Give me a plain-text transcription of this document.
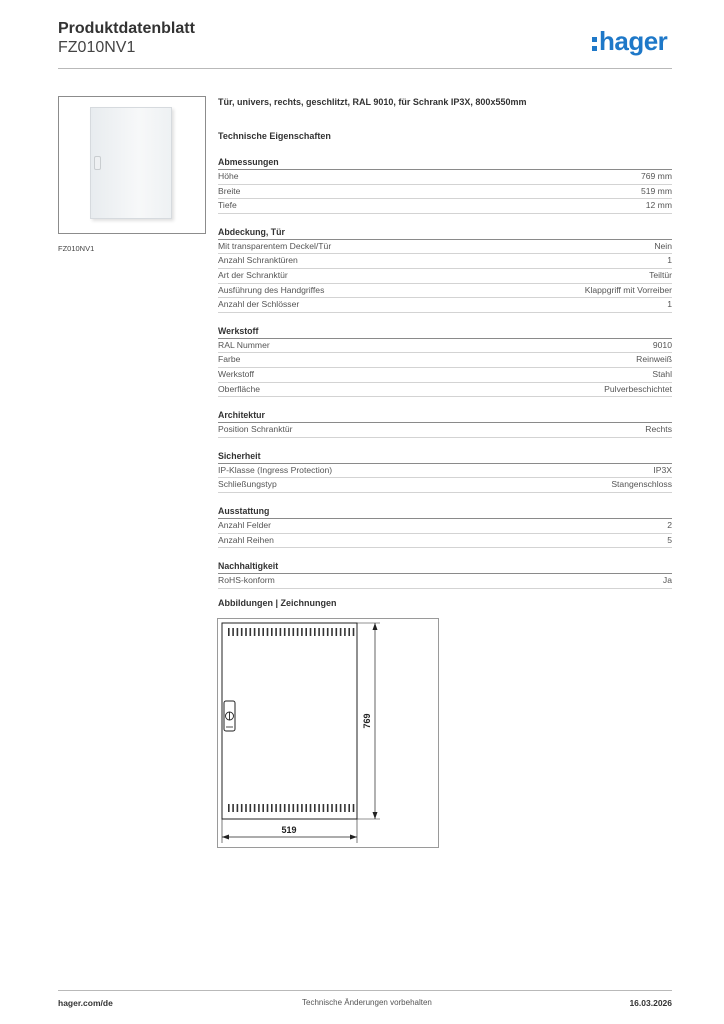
Produktdatenblatt
FZ010NV1	hager
FZ010NV1
Tür, univers, rechts, geschlitzt, RAL 9010, für Schrank IP3X, 800x550mm
Technische Eigenschaften
Abmessungen
Höhe	769 mm
Breite	519 mm
Tiefe	12 mm
Abdeckung, Tür
Mit transparentem Deckel/Tür	Nein
Anzahl Schranktüren	1
Art der Schranktür	Teiltür
Ausführung des Handgriffes	Klappgriff mit Vorreiber
Anzahl der Schlösser	1
Werkstoff
RAL Nummer	9010
Farbe	Reinweiß
Werkstoff	Stahl
Oberfläche	Pulverbeschichtet
Architektur
Position Schranktür	Rechts
Sicherheit
IP-Klasse (Ingress Protection)	IP3X
Schließungstyp	Stangenschloss
Ausstattung
Anzahl Felder	2
Anzahl Reihen	5
Nachhaltigkeit
RoHS-konform	Ja
Abbildungen | Zeichnungen
769
519
hager.com/de	Technische Änderungen vorbehalten	16.03.2026
